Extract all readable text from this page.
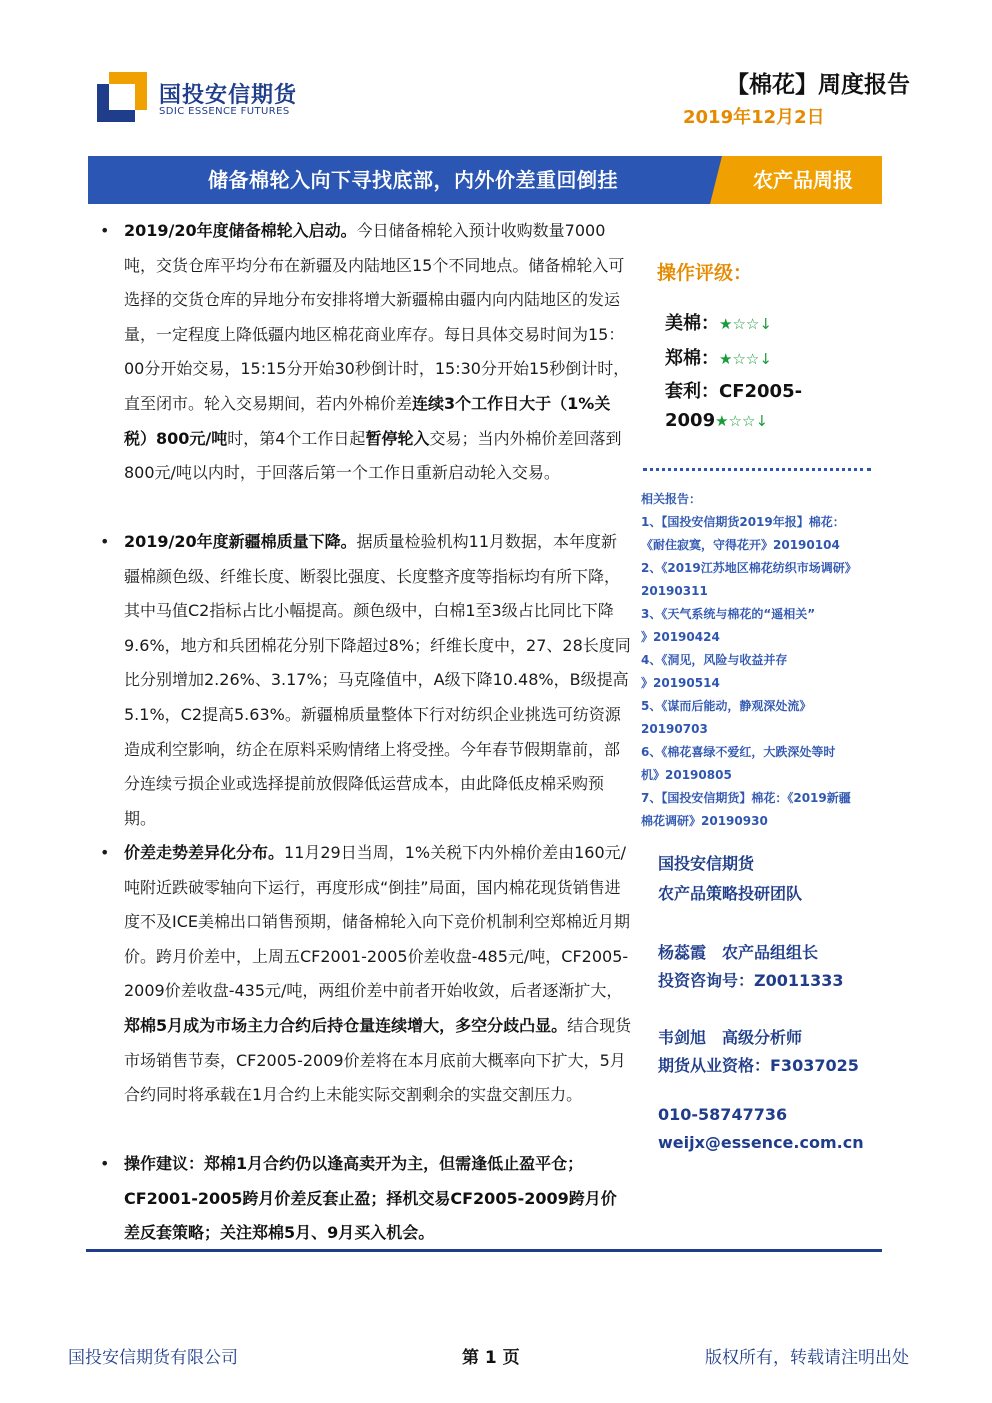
国投安信期货
SDIC ESSENCE FUTURES
【棉花】周度报告
2019年12月2日
储备棉轮入向下寻找底部，内外价差重回倒挂	农产品周报
• 2019/20年度储备棉轮入启动。今日储备棉轮入预计收购数量7000吨，交货仓库平均分布在新疆及内陆地区15个不同地点。储备棉轮入可选择的交货仓库的异地分布安排将增大新疆棉由疆内向内陆地区的发运量，一定程度上降低疆内地区棉花商业库存。每日具体交易时间为15：00分开始交易，15:15分开始30秒倒计时，15:30分开始15秒倒计时，直至闭市。轮入交易期间，若内外棉价差连续3个工作日大于（1%关税）800元/吨时，第4个工作日起暂停轮入交易；当内外棉价差回落到800元/吨以内时，于回落后第一个工作日重新启动轮入交易。
• 2019/20年度新疆棉质量下降。据质量检验机构11月数据，本年度新疆棉颜色级、纤维长度、断裂比强度、长度整齐度等指标均有所下降，其中马值C2指标占比小幅提高。颜色级中，白棉1至3级占比同比下降9.6%，地方和兵团棉花分别下降超过8%；纤维长度中，27、28长度同比分别增加2.26%、3.17%；马克隆值中，A级下降10.48%，B级提高5.1%，C2提高5.63%。新疆棉质量整体下行对纺织企业挑选可纺资源造成利空影响，纺企在原料采购情绪上将受挫。今年春节假期靠前，部分连续亏损企业或选择提前放假降低运营成本，由此降低皮棉采购预期。
• 价差走势差异化分布。11月29日当周，1%关税下内外棉价差由160元/吨附近跌破零轴向下运行，再度形成“倒挂”局面，国内棉花现货销售进度不及ICE美棉出口销售预期，储备棉轮入向下竞价机制利空郑棉近月期价。跨月价差中，上周五CF2001-2005价差收盘-485元/吨，CF2005-2009价差收盘-435元/吨，两组价差中前者开始收敛，后者逐渐扩大，郑棉5月成为市场主力合约后持仓量连续增大，多空分歧凸显。结合现货市场销售节奏，CF2005-2009价差将在本月底前大概率向下扩大，5月合约同时将承载在1月合约上未能实际交割剩余的实盘交割压力。
• 操作建议：郑棉1月合约仍以逢高卖开为主，但需逢低止盈平仓；CF2001-2005跨月价差反套止盈；择机交易CF2005-2009跨月价差反套策略；关注郑棉5月、9月买入机会。
操作评级：
美棉：★☆☆↓
郑棉：★☆☆↓
套利：CF2005-
2009★☆☆↓
相关报告：
1、【国投安信期货2019年报】棉花：
《耐住寂寞，守得花开》20190104
2、《2019江苏地区棉花纺织市场调研》
20190311
3、《天气系统与棉花的“遥相关”
》20190424
4、《洞见，风险与收益并存
》20190514
5、《谋而后能动，静观深处流》
20190703
6、《棉花喜绿不爱红，大跌深处等时
机》20190805
7、【国投安信期货】棉花：《2019新疆
棉花调研》20190930
国投安信期货
农产品策略投研团队
杨蕊霞　农产品组组长
投资咨询号：Z0011333
韦剑旭　高级分析师
期货从业资格：F3037025
010-58747736
weijx@essence.com.cn
国投安信期货有限公司	第 1 页	版权所有，转载请注明出处
